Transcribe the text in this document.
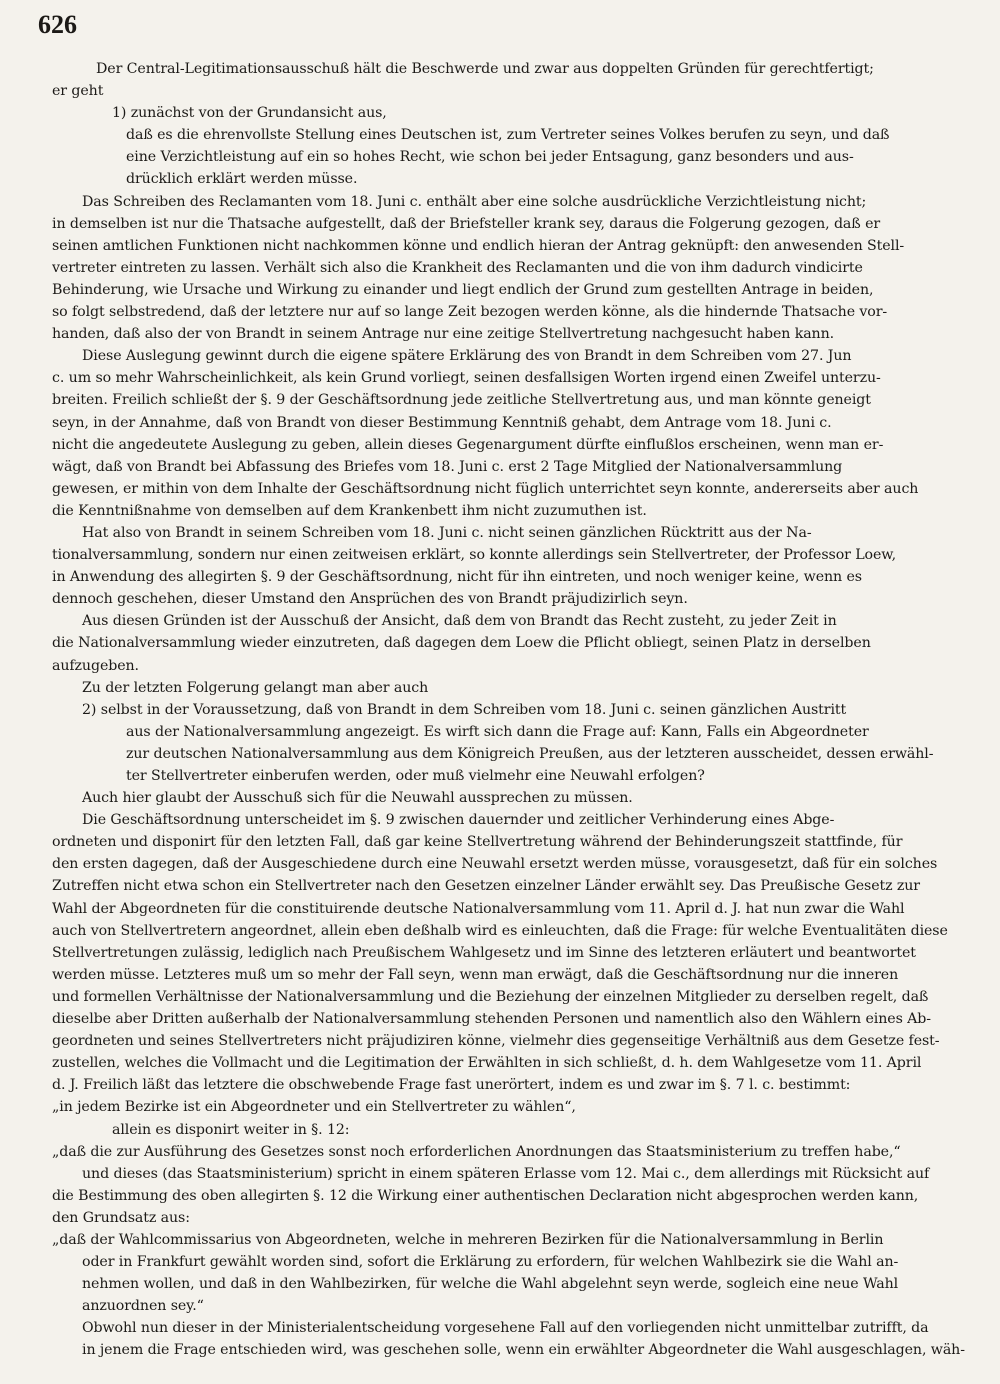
626
Der Central-Legitimationsausschuß hält die Beschwerde und zwar aus doppelten Gründen für gerechtfertigt;
er geht
1) zunächst von der Grundansicht aus,
daß es die ehrenvollste Stellung eines Deutschen ist, zum Vertreter seines Volkes berufen zu seyn, und daß
eine Verzichtleistung auf ein so hohes Recht, wie schon bei jeder Entsagung, ganz besonders und aus-
drücklich erklärt werden müsse.
Das Schreiben des Reclamanten vom 18. Juni c. enthält aber eine solche ausdrückliche Verzichtleistung nicht;
in demselben ist nur die Thatsache aufgestellt, daß der Briefsteller krank sey, daraus die Folgerung gezogen, daß er
seinen amtlichen Funktionen nicht nachkommen könne und endlich hieran der Antrag geknüpft: den anwesenden Stell-
vertreter eintreten zu lassen. Verhält sich also die Krankheit des Reclamanten und die von ihm dadurch vindicirte
Behinderung, wie Ursache und Wirkung zu einander und liegt endlich der Grund zum gestellten Antrage in beiden,
so folgt selbstredend, daß der letztere nur auf so lange Zeit bezogen werden könne, als die hindernde Thatsache vor-
handen, daß also der von Brandt in seinem Antrage nur eine zeitige Stellvertretung nachgesucht haben kann.
Diese Auslegung gewinnt durch die eigene spätere Erklärung des von Brandt in dem Schreiben vom 27. Jun
c. um so mehr Wahrscheinlichkeit, als kein Grund vorliegt, seinen desfallsigen Worten irgend einen Zweifel unterzu-
breiten. Freilich schließt der §. 9 der Geschäftsordnung jede zeitliche Stellvertretung aus, und man könnte geneigt
seyn, in der Annahme, daß von Brandt von dieser Bestimmung Kenntniß gehabt, dem Antrage vom 18. Juni c.
nicht die angedeutete Auslegung zu geben, allein dieses Gegenargument dürfte einflußlos erscheinen, wenn man er-
wägt, daß von Brandt bei Abfassung des Briefes vom 18. Juni c. erst 2 Tage Mitglied der Nationalversammlung
gewesen, er mithin von dem Inhalte der Geschäftsordnung nicht füglich unterrichtet seyn konnte, andererseits aber auch
die Kenntnißnahme von demselben auf dem Krankenbett ihm nicht zuzumuthen ist.
Hat also von Brandt in seinem Schreiben vom 18. Juni c. nicht seinen gänzlichen Rücktritt aus der Na-
tionalversammlung, sondern nur einen zeitweisen erklärt, so konnte allerdings sein Stellvertreter, der Professor Loew,
in Anwendung des allegirten §. 9 der Geschäftsordnung, nicht für ihn eintreten, und noch weniger keine, wenn es
dennoch geschehen, dieser Umstand den Ansprüchen des von Brandt präjudizirlich seyn.
Aus diesen Gründen ist der Ausschuß der Ansicht, daß dem von Brandt das Recht zusteht, zu jeder Zeit in
die Nationalversammlung wieder einzutreten, daß dagegen dem Loew die Pflicht obliegt, seinen Platz in derselben
aufzugeben.
Zu der letzten Folgerung gelangt man aber auch
2) selbst in der Voraussetzung, daß von Brandt in dem Schreiben vom 18. Juni c. seinen gänzlichen Austritt
aus der Nationalversammlung angezeigt. Es wirft sich dann die Frage auf: Kann, Falls ein Abgeordneter
zur deutschen Nationalversammlung aus dem Königreich Preußen, aus der letzteren ausscheidet, dessen erwähl-
ter Stellvertreter einberufen werden, oder muß vielmehr eine Neuwahl erfolgen?
Auch hier glaubt der Ausschuß sich für die Neuwahl aussprechen zu müssen.
Die Geschäftsordnung unterscheidet im §. 9 zwischen dauernder und zeitlicher Verhinderung eines Abge-
ordneten und disponirt für den letzten Fall, daß gar keine Stellvertretung während der Behinderungszeit stattfinde, für
den ersten dagegen, daß der Ausgeschiedene durch eine Neuwahl ersetzt werden müsse, vorausgesetzt, daß für ein solches
Zutreffen nicht etwa schon ein Stellvertreter nach den Gesetzen einzelner Länder erwählt sey. Das Preußische Gesetz zur
Wahl der Abgeordneten für die constituirende deutsche Nationalversammlung vom 11. April d. J. hat nun zwar die Wahl
auch von Stellvertretern angeordnet, allein eben deßhalb wird es einleuchten, daß die Frage: für welche Eventualitäten diese
Stellvertretungen zulässig, lediglich nach Preußischem Wahlgesetz und im Sinne des letzteren erläutert und beantwortet
werden müsse. Letzteres muß um so mehr der Fall seyn, wenn man erwägt, daß die Geschäftsordnung nur die inneren
und formellen Verhältnisse der Nationalversammlung und die Beziehung der einzelnen Mitglieder zu derselben regelt, daß
dieselbe aber Dritten außerhalb der Nationalversammlung stehenden Personen und namentlich also den Wählern eines Ab-
geordneten und seines Stellvertreters nicht präjudiziren könne, vielmehr dies gegenseitige Verhältniß aus dem Gesetze fest-
zustellen, welches die Vollmacht und die Legitimation der Erwählten in sich schließt, d. h. dem Wahlgesetze vom 11. April
d. J. Freilich läßt das letztere die obschwebende Frage fast unerörtert, indem es und zwar im §. 7 l. c. bestimmt:
„in jedem Bezirke ist ein Abgeordneter und ein Stellvertreter zu wählen“,
allein es disponirt weiter in §. 12:
„daß die zur Ausführung des Gesetzes sonst noch erforderlichen Anordnungen das Staatsministerium zu treffen habe,“
und dieses (das Staatsministerium) spricht in einem späteren Erlasse vom 12. Mai c., dem allerdings mit Rücksicht auf
die Bestimmung des oben allegirten §. 12 die Wirkung einer authentischen Declaration nicht abgesprochen werden kann,
den Grundsatz aus:
„daß der Wahlcommissarius von Abgeordneten, welche in mehreren Bezirken für die Nationalversammlung in Berlin
oder in Frankfurt gewählt worden sind, sofort die Erklärung zu erfordern, für welchen Wahlbezirk sie die Wahl an-
nehmen wollen, und daß in den Wahlbezirken, für welche die Wahl abgelehnt seyn werde, sogleich eine neue Wahl
anzuordnen sey.“
Obwohl nun dieser in der Ministerialentscheidung vorgesehene Fall auf den vorliegenden nicht unmittelbar zutrifft, da
in jenem die Frage entschieden wird, was geschehen solle, wenn ein erwählter Abgeordneter die Wahl ausgeschlagen, wäh-
